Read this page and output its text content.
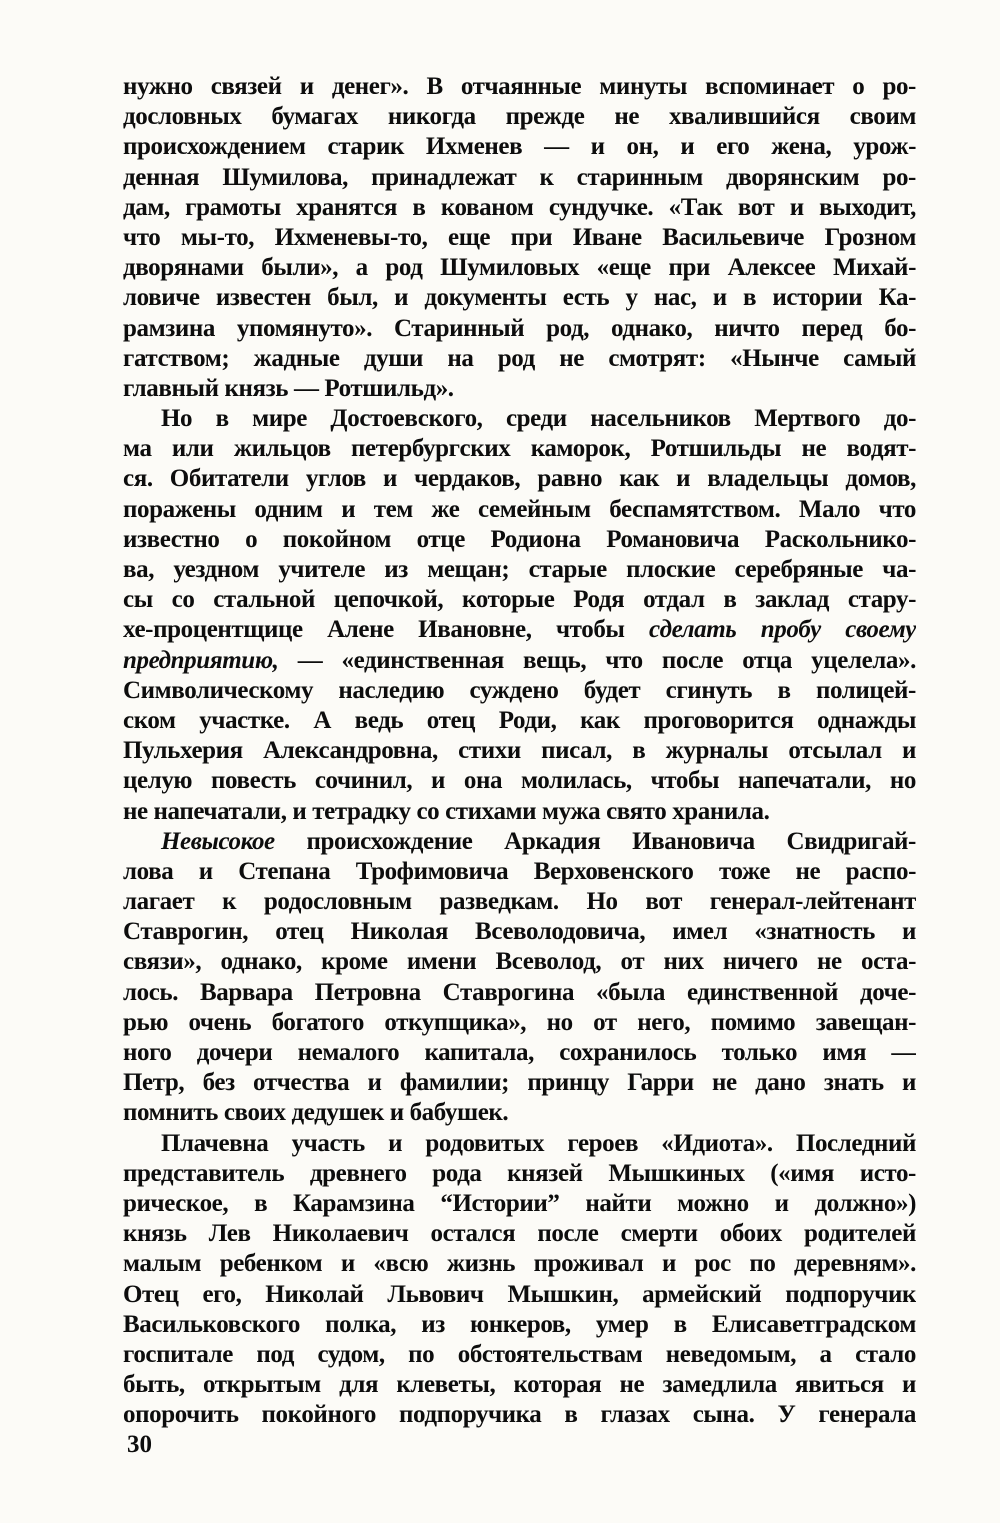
нужно связей и денег». В отчаянные минуты вспоминает о ро-
дословных бумагах никогда прежде не хвалившийся своим
происхождением старик Ихменев — и он, и его жена, урож-
денная Шумилова, принадлежат к старинным дворянским ро-
дам, грамоты хранятся в кованом сундучке. «Так вот и выходит,
что мы-то, Ихменевы-то, еще при Иване Васильевиче Грозном
дворянами были», а род Шумиловых «еще при Алексее Михай-
ловиче известен был, и документы есть у нас, и в истории Ка-
рамзина упомянуто». Старинный род, однако, ничто перед бо-
гатством; жадные души на род не смотрят: «Нынче самый
главный князь — Ротшильд».
Но в мире Достоевского, среди насельников Мертвого до-
ма или жильцов петербургских каморок, Ротшильды не водят-
ся. Обитатели углов и чердаков, равно как и владельцы домов,
поражены одним и тем же семейным беспамятством. Мало что
известно о покойном отце Родиона Романовича Раскольнико-
ва, уездном учителе из мещан; старые плоские серебряные ча-
сы со стальной цепочкой, которые Родя отдал в заклад стару-
хе-процентщице Алене Ивановне, чтобы сделать пробу своему
предприятию, — «единственная вещь, что после отца уцелела».
Символическому наследию суждено будет сгинуть в полицей-
ском участке. А ведь отец Роди, как проговорится однажды
Пульхерия Александровна, стихи писал, в журналы отсылал и
целую повесть сочинил, и она молилась, чтобы напечатали, но
не напечатали, и тетрадку со стихами мужа свято хранила.
Невысокое происхождение Аркадия Ивановича Свидригай-
лова и Степана Трофимовича Верховенского тоже не распо-
лагает к родословным разведкам. Но вот генерал-лейтенант
Ставрогин, отец Николая Всеволодовича, имел «знатность и
связи», однако, кроме имени Всеволод, от них ничего не оста-
лось. Варвара Петровна Ставрогина «была единственной доче-
рью очень богатого откупщика», но от него, помимо завещан-
ного дочери немалого капитала, сохранилось только имя —
Петр, без отчества и фамилии; принцу Гарри не дано знать и
помнить своих дедушек и бабушек.
Плачевна участь и родовитых героев «Идиота». Последний
представитель древнего рода князей Мышкиных («имя исто-
рическое, в Карамзина “Истории” найти можно и должно»)
князь Лев Николаевич остался после смерти обоих родителей
малым ребенком и «всю жизнь проживал и рос по деревням».
Отец его, Николай Львович Мышкин, армейский подпоручик
Васильковского полка, из юнкеров, умер в Елисаветградском
госпитале под судом, по обстоятельствам неведомым, а стало
быть, открытым для клеветы, которая не замедлила явиться и
опорочить покойного подпоручика в глазах сына. У генерала
30
